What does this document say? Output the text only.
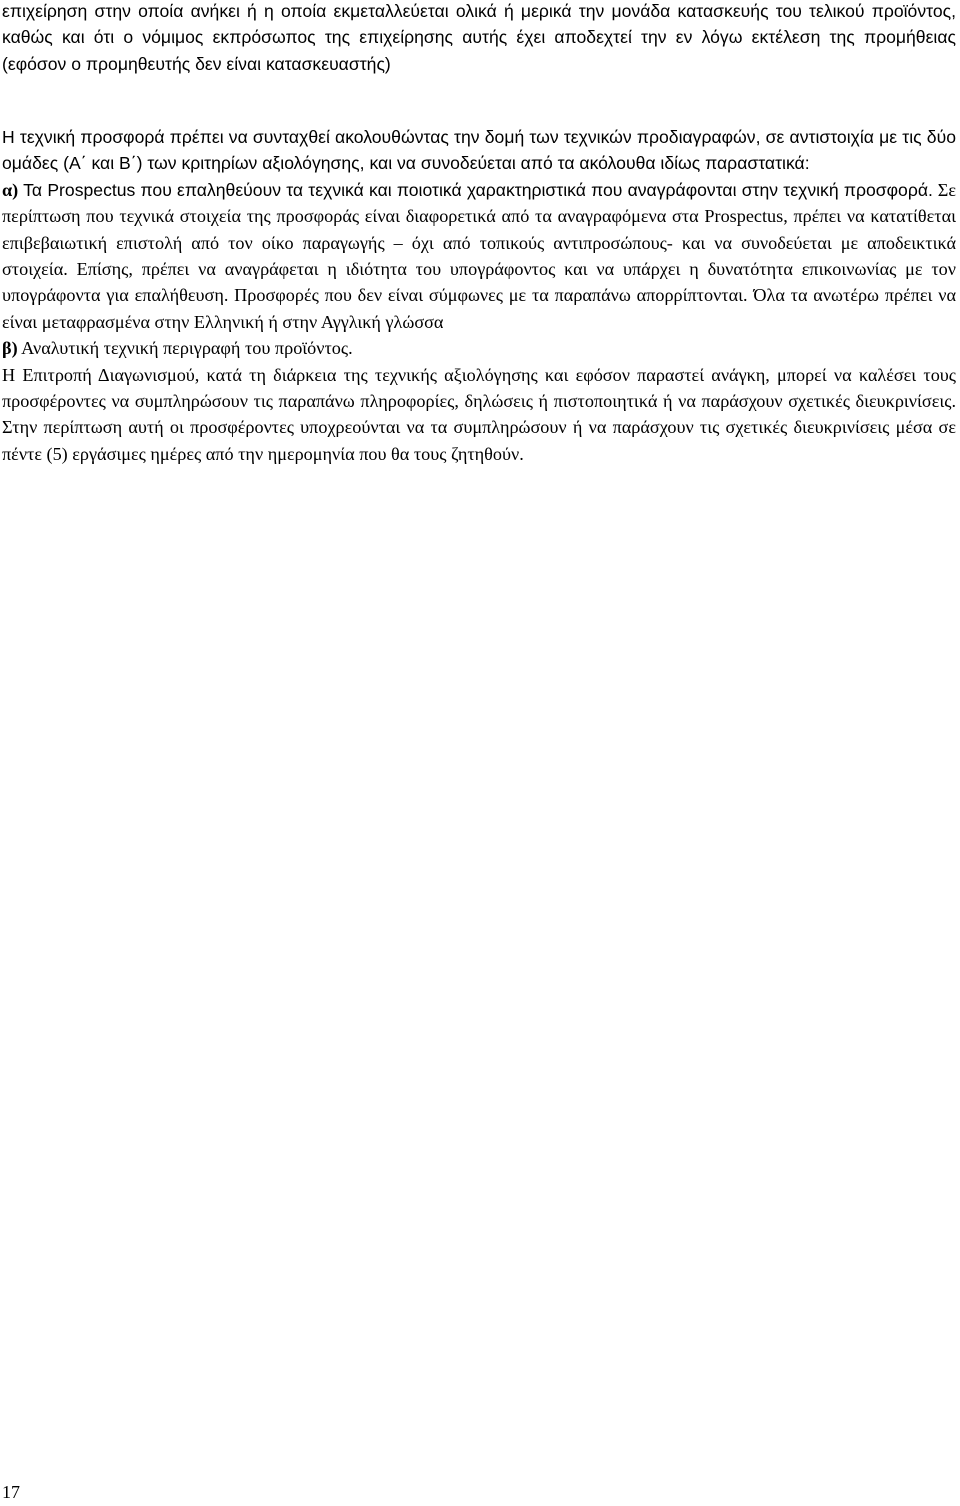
επιχείρηση στην οποία ανήκει ή η οποία εκμεταλλεύεται ολικά ή μερικά την μονάδα κατασκευής του τελικού προϊόντος, καθώς και ότι ο νόμιμος εκπρόσωπος της επιχείρησης αυτής έχει αποδεχτεί την εν λόγω εκτέλεση της προμήθειας (εφόσον ο προμηθευτής δεν είναι κατασκευαστής)

Η τεχνική προσφορά πρέπει να συνταχθεί ακολουθώντας την δομή των τεχνικών προδιαγραφών, σε αντιστοιχία με τις δύο ομάδες (Α΄ και Β΄) των κριτηρίων αξιολόγησης, και να συνοδεύεται από τα ακόλουθα ιδίως παραστατικά:

α) Τα Prospectus που επαληθεύουν τα τεχνικά και ποιοτικά χαρακτηριστικά που αναγράφονται στην τεχνική προσφορά. Σε περίπτωση που τεχνικά στοιχεία της προσφοράς είναι διαφορετικά από τα αναγραφόμενα στα Prospectus, πρέπει να κατατίθεται επιβεβαιωτική επιστολή από τον οίκο παραγωγής – όχι από τοπικούς αντιπροσώπους- και να συνοδεύεται με αποδεικτικά στοιχεία. Επίσης, πρέπει να αναγράφεται η ιδιότητα του υπογράφοντος και να υπάρχει η δυνατότητα επικοινωνίας με τον υπογράφοντα για επαλήθευση. Προσφορές που δεν είναι σύμφωνες με τα παραπάνω απορρίπτονται. Όλα τα ανωτέρω πρέπει να είναι μεταφρασμένα στην Ελληνική ή στην Αγγλική γλώσσα

β) Αναλυτική τεχνική περιγραφή του προϊόντος.

Η Επιτροπή Διαγωνισμού, κατά τη διάρκεια της τεχνικής αξιολόγησης και εφόσον παραστεί ανάγκη, μπορεί να καλέσει τους προσφέροντες να συμπληρώσουν τις παραπάνω πληροφορίες, δηλώσεις ή πιστοποιητικά ή να παράσχουν σχετικές διευκρινίσεις. Στην περίπτωση αυτή οι προσφέροντες υποχρεούνται να τα συμπληρώσουν ή να παράσχουν τις σχετικές διευκρινίσεις μέσα σε πέντε (5) εργάσιμες ημέρες από την ημερομηνία που θα τους ζητηθούν.

17
